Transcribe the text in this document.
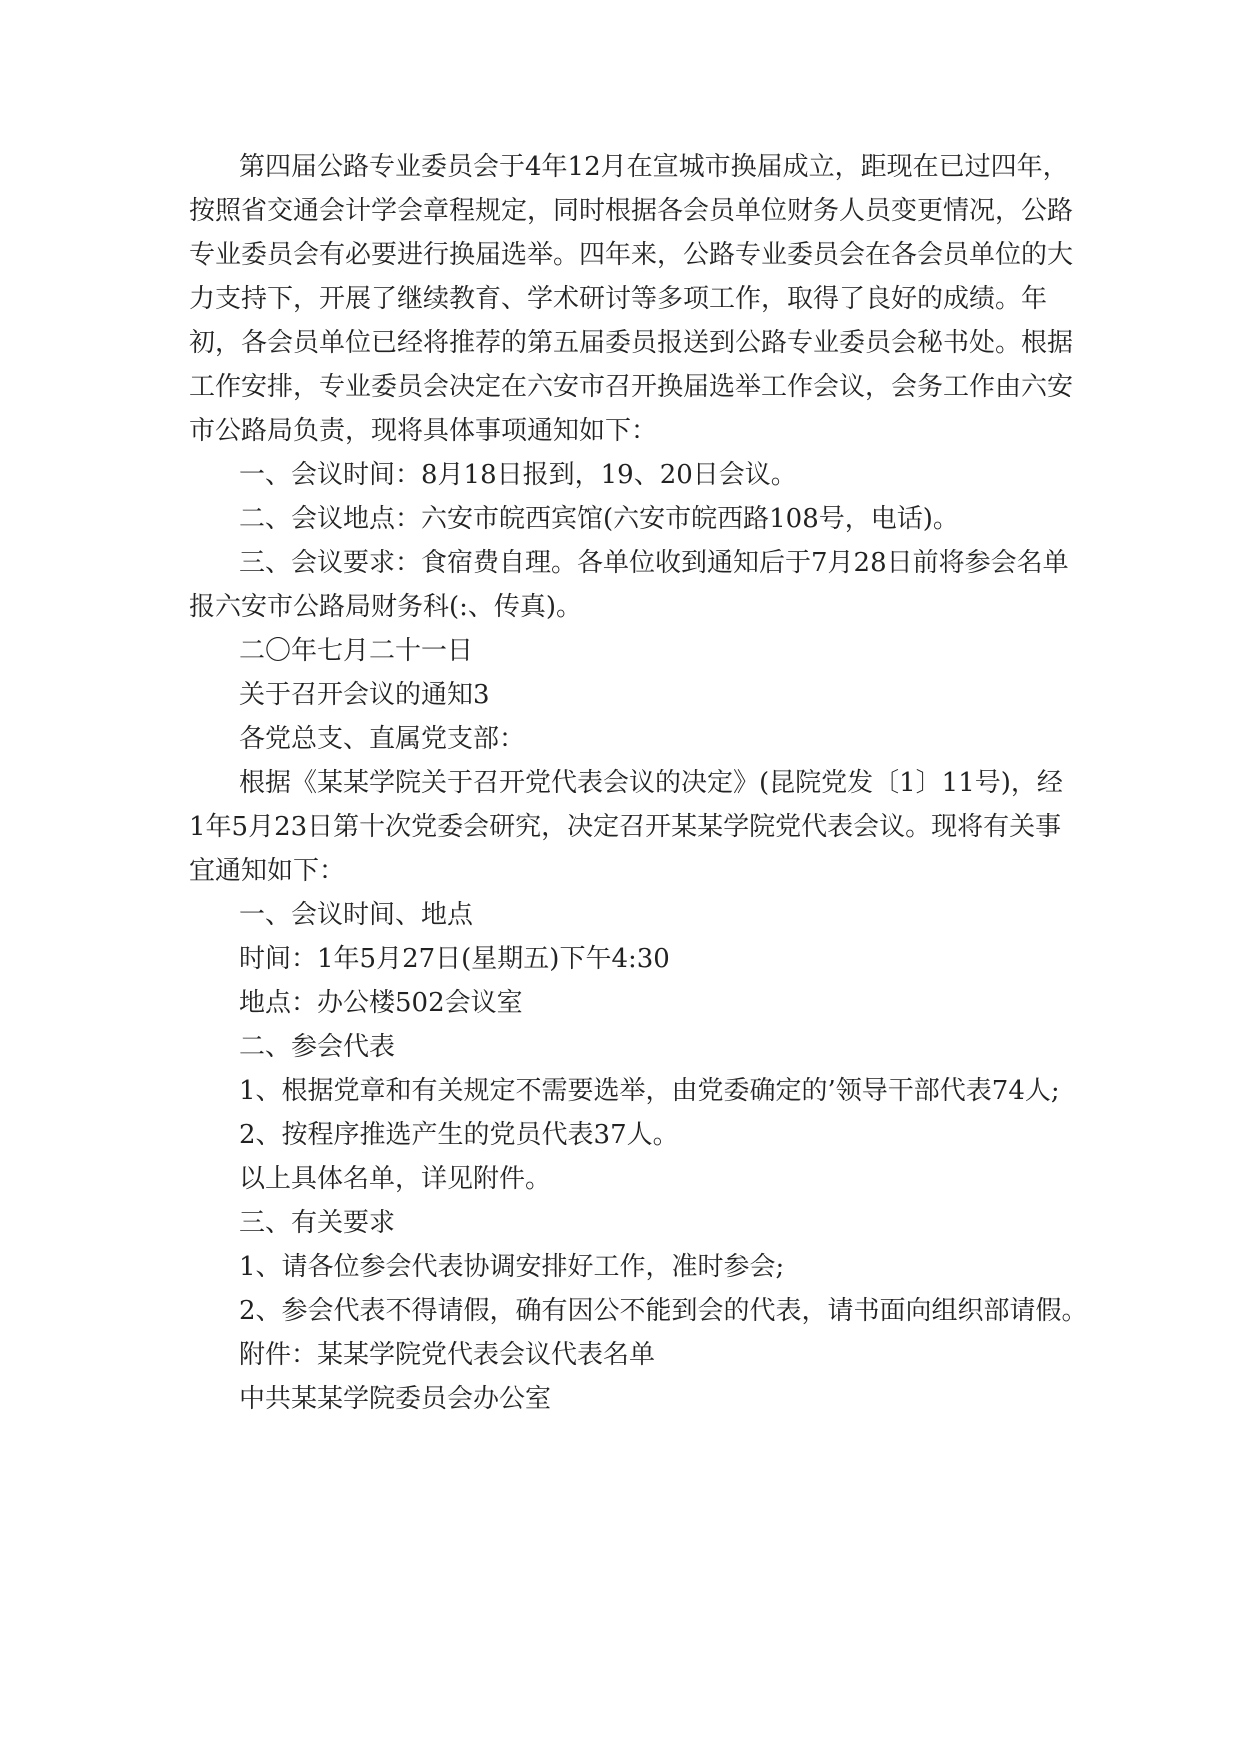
第四届公路专业委员会于4年12月在宣城市换届成立，距现在已过四年，
按照省交通会计学会章程规定，同时根据各会员单位财务人员变更情况，公路
专业委员会有必要进行换届选举。四年来，公路专业委员会在各会员单位的大
力支持下，开展了继续教育、学术研讨等多项工作，取得了良好的成绩。年
初，各会员单位已经将推荐的第五届委员报送到公路专业委员会秘书处。根据
工作安排，专业委员会决定在六安市召开换届选举工作会议，会务工作由六安
市公路局负责，现将具体事项通知如下：
一、会议时间：8月18日报到，19、20日会议。
二、会议地点：六安市皖西宾馆(六安市皖西路108号，电话)。
三、会议要求：食宿费自理。各单位收到通知后于7月28日前将参会名单
报六安市公路局财务科(:、传真)。
二〇年七月二十一日
关于召开会议的通知3
各党总支、直属党支部：
根据《某某学院关于召开党代表会议的决定》(昆院党发〔1〕11号)，经
1年5月23日第十次党委会研究，决定召开某某学院党代表会议。现将有关事
宜通知如下：
一、会议时间、地点
时间：1年5月27日(星期五)下午4:30
地点：办公楼502会议室
二、参会代表
1、根据党章和有关规定不需要选举，由党委确定的’领导干部代表74人;
2、按程序推选产生的党员代表37人。
以上具体名单，详见附件。
三、有关要求
1、请各位参会代表协调安排好工作，准时参会;
2、参会代表不得请假，确有因公不能到会的代表，请书面向组织部请假。
附件：某某学院党代表会议代表名单
中共某某学院委员会办公室
